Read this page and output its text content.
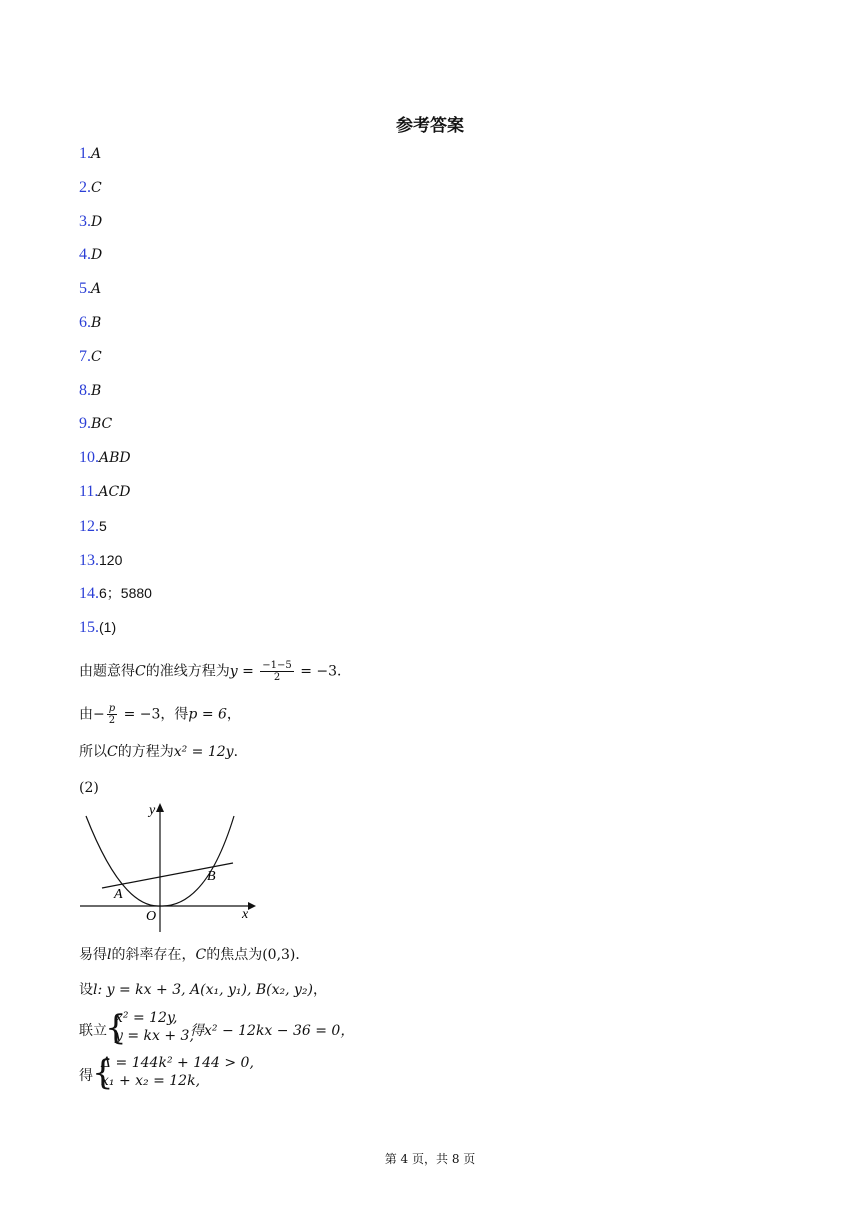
参考答案
1.A
2.C
3.D
4.D
5.A
6.B
7.C
8.B
9.BC
10.ABD
11.ACD
12.5
13.120
14.6；5880
15.(1)
由题意得C的准线方程为$y = \frac{-1-5}{2} = -3$．
由− $\frac{p}{2} = -3$，得p = 6，
所以C的方程为x² = 12y．
(2)
x
y
O
A
B
易得l的斜率存在，C的焦点为(0,3)．
设l: y = kx + 3, A(x₁, y₁), B(x₂, y₂)，
联立
{
x² = 12y,
y = kx + 3,
得x² − 12kx − 36 = 0，
得 {
Δ = 144k² + 144 > 0,
x₁ + x₂ = 12k,
第 4 页，共 8 页
